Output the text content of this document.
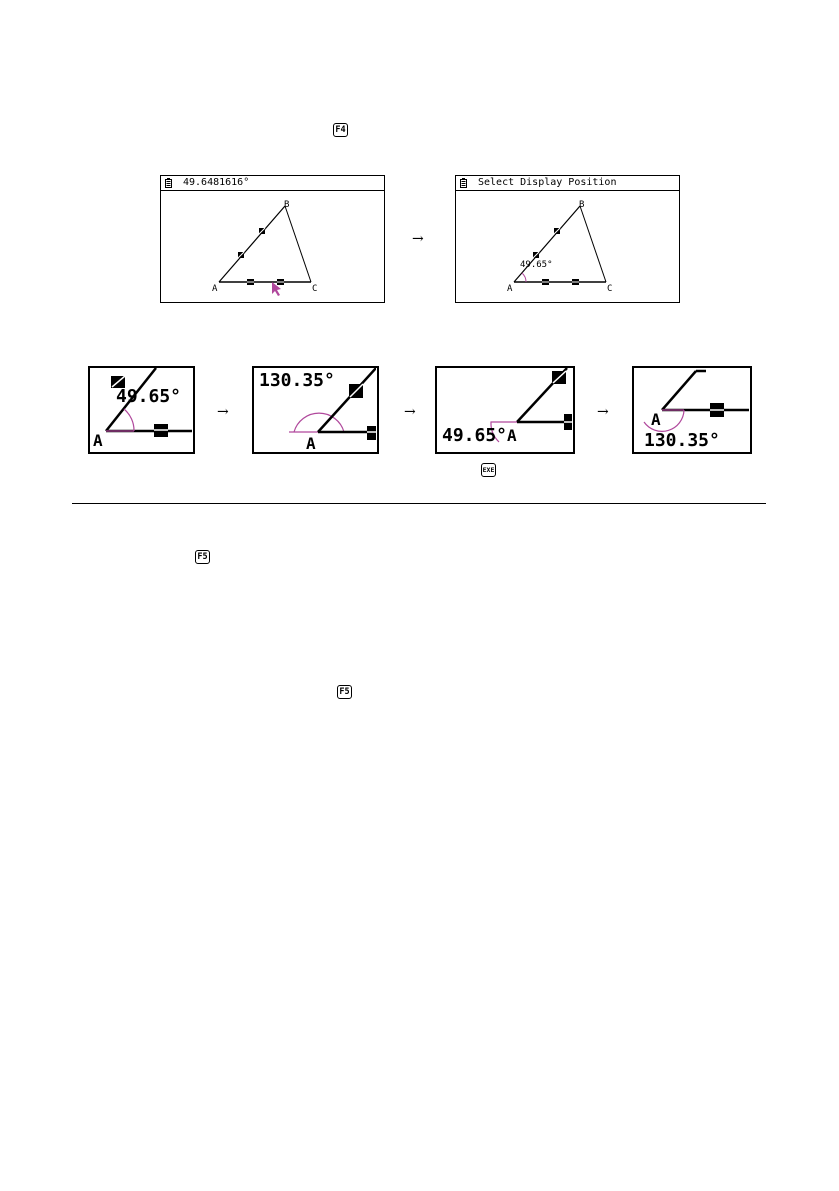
F4
49.6481616°
A
B
C
→
Select Display Position
49.65°
A
B
C
49.65°
A
→
130.35°
A
→
49.65° A
→	A
130.35°
EXE
F5
F5
